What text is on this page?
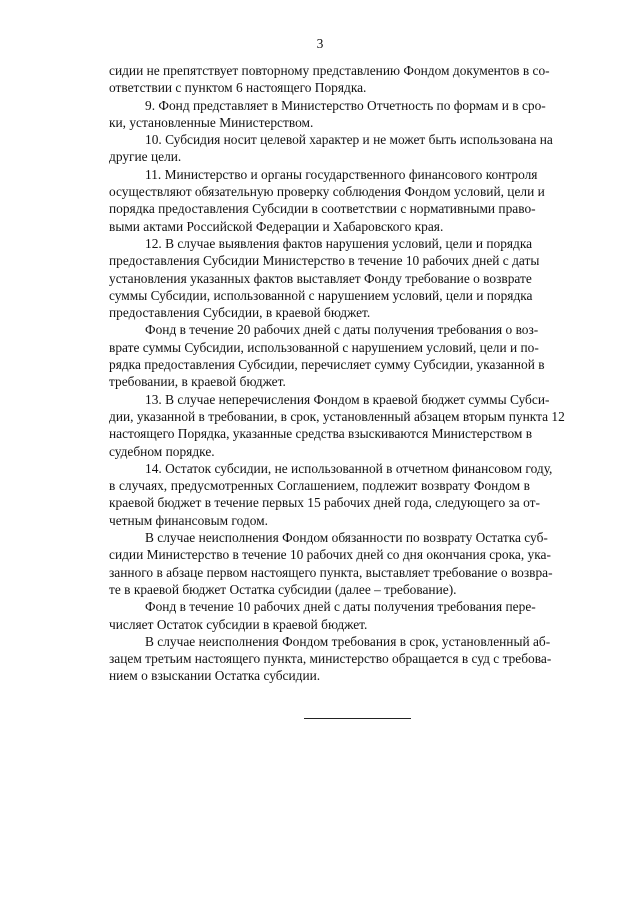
3
сидии не препятствует повторному представлению Фондом документов в со-
ответствии с пунктом 6 настоящего Порядка.
9. Фонд представляет в Министерство Отчетность по формам и в сро-
ки, установленные Министерством.
10. Субсидия носит целевой характер и не может быть использована на
другие цели.
11. Министерство и органы государственного финансового контроля
осуществляют обязательную проверку соблюдения Фондом условий, цели и
порядка предоставления Субсидии в соответствии с нормативными право-
выми актами Российской Федерации и Хабаровского края.
12. В случае выявления фактов нарушения условий, цели и порядка
предоставления Субсидии Министерство в течение 10 рабочих дней с даты
установления указанных фактов выставляет Фонду требование о возврате
суммы Субсидии, использованной с нарушением условий, цели и порядка
предоставления Субсидии, в краевой бюджет.
Фонд в течение 20 рабочих дней с даты получения требования о воз-
врате суммы Субсидии, использованной с нарушением условий, цели и по-
рядка предоставления Субсидии, перечисляет сумму Субсидии, указанной в
требовании, в краевой бюджет.
13. В случае неперечисления Фондом в краевой бюджет суммы Субси-
дии, указанной в требовании, в срок, установленный абзацем вторым пункта 12
настоящего Порядка, указанные средства взыскиваются Министерством в
судебном порядке.
14. Остаток субсидии, не использованной в отчетном финансовом году,
в случаях, предусмотренных Соглашением, подлежит возврату Фондом в
краевой бюджет в течение первых 15 рабочих дней года, следующего за от-
четным финансовым годом.
В случае неисполнения Фондом обязанности по возврату Остатка суб-
сидии Министерство в течение 10 рабочих дней со дня окончания срока, ука-
занного в абзаце первом настоящего пункта, выставляет требование о возвра-
те в краевой бюджет Остатка субсидии (далее – требование).
Фонд в течение 10 рабочих дней с даты получения требования пере-
числяет Остаток субсидии в краевой бюджет.
В случае неисполнения Фондом требования в срок, установленный аб-
зацем третьим настоящего пункта, министерство обращается в суд с требова-
нием о взыскании Остатка субсидии.
